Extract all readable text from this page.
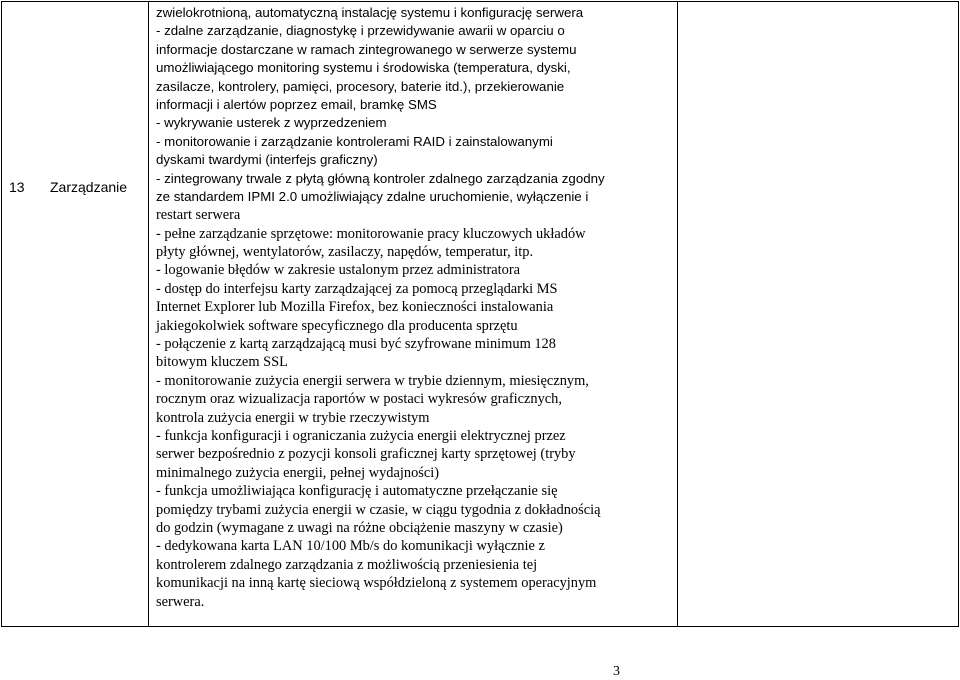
13 Zarządzanie
zwielokrotnioną, automatyczną instalację systemu i konfigurację serwera
- zdalne zarządzanie, diagnostykę i przewidywanie awarii w oparciu o
informacje dostarczane w ramach zintegrowanego w serwerze systemu
umożliwiającego monitoring systemu i środowiska (temperatura, dyski,
zasilacze, kontrolery, pamięci, procesory, baterie itd.), przekierowanie
informacji i alertów poprzez email, bramkę SMS
- wykrywanie usterek z wyprzedzeniem
- monitorowanie i zarządzanie kontrolerami RAID i zainstalowanymi
dyskami twardymi (interfejs graficzny)
- zintegrowany trwale z płytą główną kontroler zdalnego zarządzania zgodny
ze standardem IPMI 2.0 umożliwiający zdalne uruchomienie, wyłączenie i
restart serwera
- pełne zarządzanie sprzętowe: monitorowanie pracy kluczowych układów
płyty głównej, wentylatorów, zasilaczy, napędów, temperatur, itp.
- logowanie błędów w zakresie ustalonym przez administratora
- dostęp do interfejsu karty zarządzającej za pomocą przeglądarki MS
Internet Explorer lub Mozilla Firefox, bez konieczności instalowania
jakiegokolwiek software specyficznego dla producenta sprzętu
- połączenie z kartą zarządzającą musi być szyfrowane minimum 128
bitowym kluczem SSL
- monitorowanie zużycia energii serwera w trybie dziennym, miesięcznym,
rocznym oraz wizualizacja raportów w postaci wykresów graficznych,
kontrola zużycia energii w trybie rzeczywistym
- funkcja konfiguracji i ograniczania zużycia energii elektrycznej przez
serwer bezpośrednio z pozycji konsoli graficznej karty sprzętowej (tryby
minimalnego zużycia energii, pełnej wydajności)
- funkcja umożliwiająca konfigurację i automatyczne przełączanie się
pomiędzy trybami zużycia energii w czasie, w ciągu tygodnia z dokładnością
do godzin (wymagane z uwagi na różne obciążenie maszyny w czasie)
- dedykowana karta LAN 10/100 Mb/s do komunikacji wyłącznie z
kontrolerem zdalnego zarządzania z możliwością przeniesienia tej
komunikacji na inną kartę sieciową współdzieloną z systemem operacyjnym
serwera.
3
